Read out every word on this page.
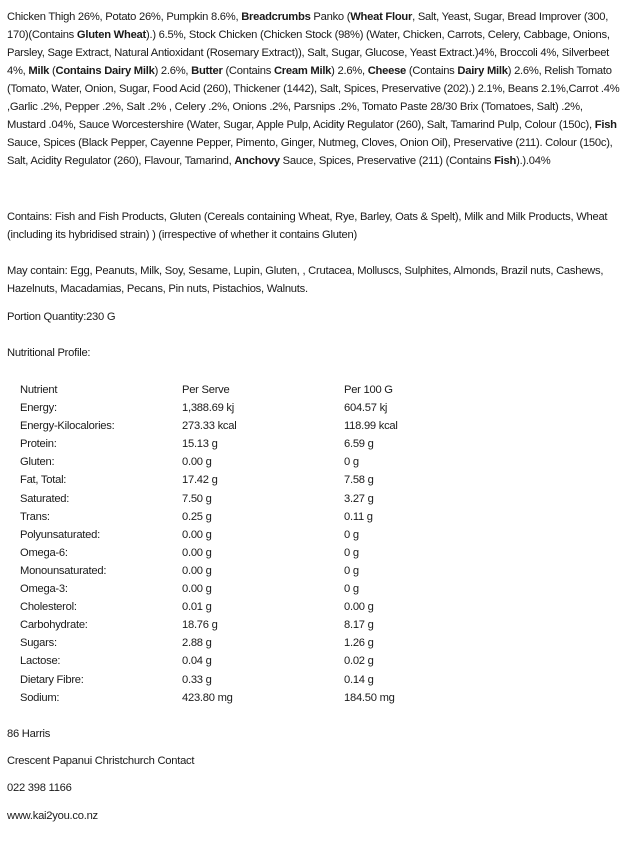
Chicken Thigh 26%, Potato 26%, Pumpkin 8.6%, Breadcrumbs Panko (Wheat Flour, Salt, Yeast, Sugar, Bread Improver (300, 170)(Contains Gluten Wheat).) 6.5%, Stock Chicken (Chicken Stock (98%) (Water, Chicken, Carrots, Celery, Cabbage, Onions, Parsley, Sage Extract, Natural Antioxidant (Rosemary Extract)), Salt, Sugar, Glucose, Yeast Extract.)4%, Broccoli 4%, Silverbeet 4%, Milk (Contains Dairy Milk) 2.6%, Butter (Contains Cream Milk) 2.6%, Cheese (Contains Dairy Milk) 2.6%, Relish Tomato (Tomato, Water, Onion, Sugar, Food Acid (260), Thickener (1442), Salt, Spices, Preservative (202).) 2.1%, Beans 2.1%,Carrot .4% ,Garlic .2%, Pepper .2%, Salt .2% , Celery .2%, Onions .2%, Parsnips .2%, Tomato Paste 28/30 Brix (Tomatoes, Salt) .2%, Mustard .04%, Sauce Worcestershire (Water, Sugar, Apple Pulp, Acidity Regulator (260), Salt, Tamarind Pulp, Colour (150c), Fish Sauce, Spices (Black Pepper, Cayenne Pepper, Pimento, Ginger, Nutmeg, Cloves, Onion Oil), Preservative (211). Colour (150c), Salt, Acidity Regulator (260), Flavour, Tamarind, Anchovy Sauce, Spices, Preservative (211) (Contains Fish).).04%
Contains: Fish and Fish Products, Gluten (Cereals containing Wheat, Rye, Barley, Oats & Spelt), Milk and Milk Products, Wheat (including its hybridised strain) ) (irrespective of whether it contains Gluten)
May contain: Egg, Peanuts, Milk, Soy, Sesame, Lupin, Gluten, , Crutacea, Molluscs, Sulphites, Almonds, Brazil nuts, Cashews, Hazelnuts, Macadamias, Pecans, Pin nuts, Pistachios, Walnuts.
Portion Quantity:230 G
Nutritional Profile:
Nutrient	Per Serve	Per 100 G
Energy:	1,388.69 kj	604.57 kj
Energy-Kilocalories:	273.33 kcal	118.99 kcal
Protein:	15.13 g	6.59 g
Gluten:	0.00 g	0 g
Fat, Total:	17.42 g	7.58 g
Saturated:	7.50 g	3.27 g
Trans:	0.25 g	0.11 g
Polyunsaturated:	0.00 g	0 g
Omega-6:	0.00 g	0 g
Monounsaturated:	0.00 g	0 g
Omega-3:	0.00 g	0 g
Cholesterol:	0.01 g	0.00 g
Carbohydrate:	18.76 g	8.17 g
Sugars:	2.88 g	1.26 g
Lactose:	0.04 g	0.02 g
Dietary Fibre:	0.33 g	0.14 g
Sodium:	423.80 mg	184.50 mg
86 Harris
Crescent Papanui Christchurch Contact
022 398 1166
www.kai2you.co.nz
